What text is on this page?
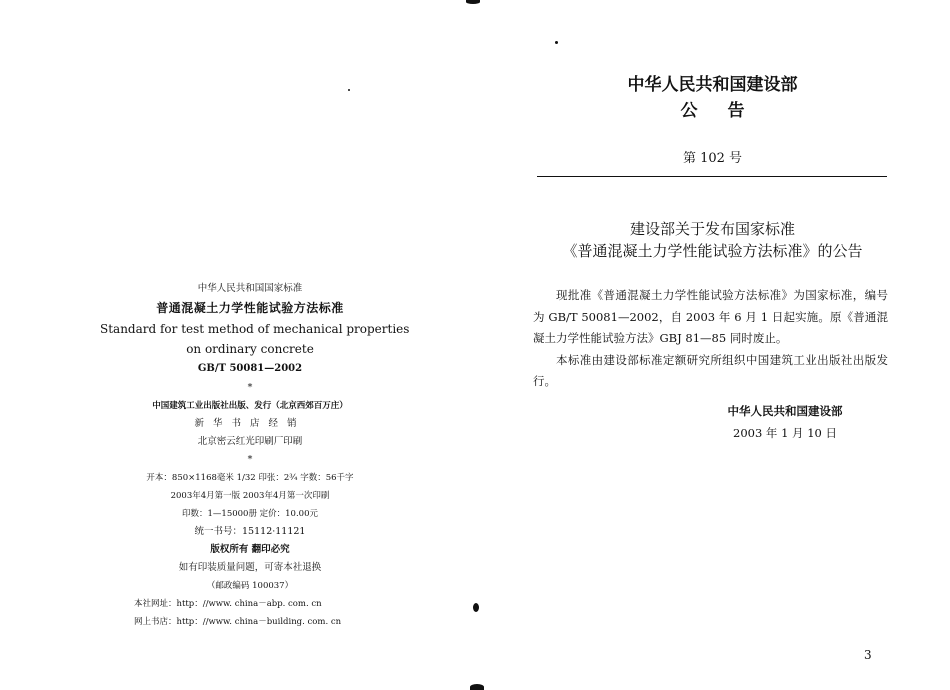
中华人民共和国国家标准
普通混凝土力学性能试验方法标准
Standard for test method of mechanical properties
on ordinary concrete
GB/T 50081—2002
*
中国建筑工业出版社出版、发行（北京西郊百万庄）
新华书店经销
北京密云红光印刷厂印刷
*
开本：850×1168毫米 1/32 印张：2¾ 字数：56千字
2003年4月第一版 2003年4月第一次印刷
印数：1—15000册 定价：10.00元
统一书号：15112·11121
版权所有 翻印必究
如有印装质量问题，可寄本社退换
（邮政编码 100037）
本社网址：http：//www. china－abp. com. cn
网上书店：http：//www. china－building. com. cn
中华人民共和国建设部
公告
第 102 号
建设部关于发布国家标准
《普通混凝土力学性能试验方法标准》的公告

现批准《普通混凝土力学性能试验方法标准》为国家标准，编号为 GB/T 50081—2002，自 2003 年 6 月 1 日起实施。原《普通混凝土力学性能试验方法》GBJ 81—85 同时废止。

本标准由建设部标准定额研究所组织中国建筑工业出版社出版发行。

中华人民共和国建设部
2003 年 1 月 10 日
3
